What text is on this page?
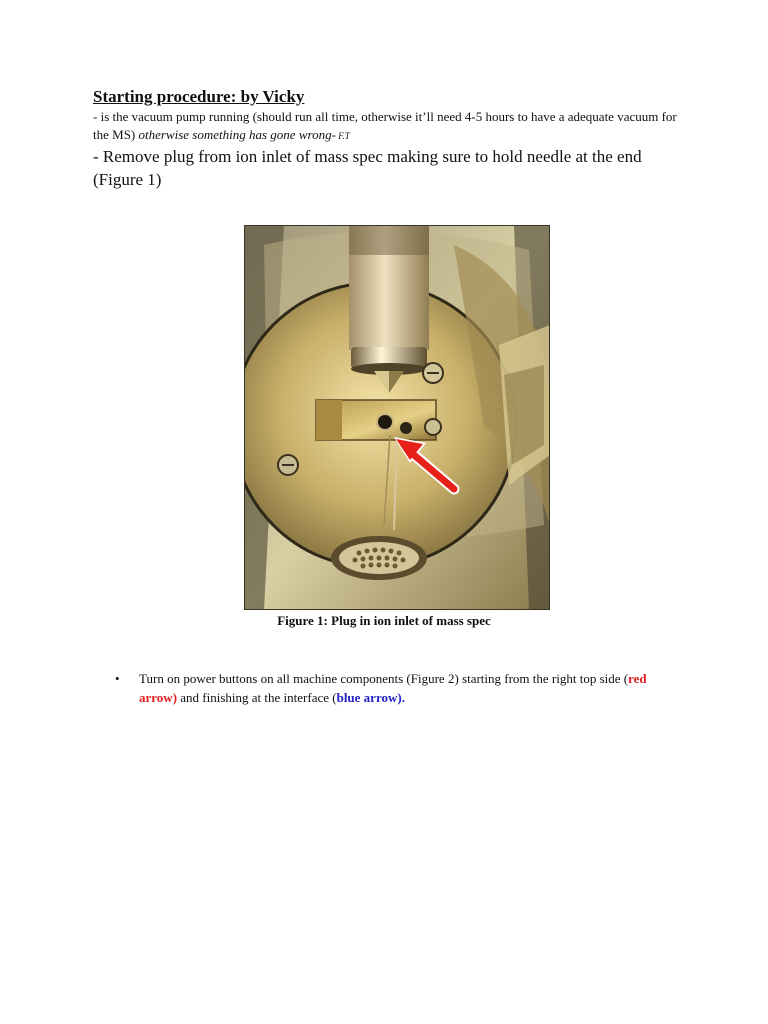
Starting procedure: by Vicky

- is the vacuum pump running (should run all time, otherwise it’ll need 4-5 hours to have a adequate vacuum for the MS) otherwise something has gone wrong- F.T

- Remove plug from ion inlet of mass spec making sure to hold needle at the end (Figure 1)

Figure 1: Plug in ion inlet of mass spec

• Turn on power buttons on all machine components (Figure 2) starting from the right top side (red arrow) and finishing at the interface (blue arrow).
